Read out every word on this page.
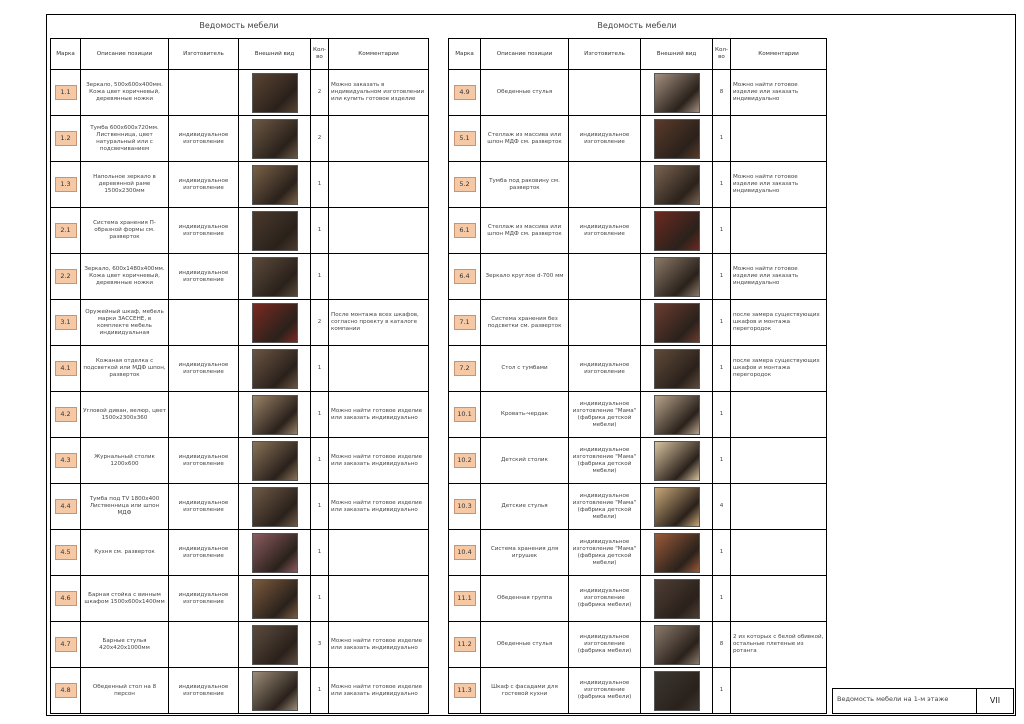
Ведомость мебели
Марка	Описание позиции	Изготовитель	Внешний вид	Кол-во	Комментарии
1.1	Зеркало, 500х600х400мм. Кожа цвет коричневый, деревянные ножки			2	Можно заказать в индивидуальном изготовлении или купить готовое изделие
1.2	Тумба 600х600х720мм. Лиственница, цвет натуральный или с подсвечиванием	индивидуальное изготовление		2	
1.3	Напольное зеркало в деревянной раме 1500х2300мм	индивидуальное изготовление		1	
2.1	Система хранения П-образной формы см. разверток	индивидуальное изготовление		1	
2.2	Зеркало, 600х1480х400мм. Кожа цвет коричневый, деревянные ножки	индивидуальное изготовление		1	
3.1	Оружейный шкаф, мебель марки ЗАССЕНЕ, в комплекте мебель индивидуальная			2	После монтажа всех шкафов, согласно проекту в каталоге компании
4.1	Кожаная отделка с подсветкой или МДФ шпон, разверток	индивидуальное изготовление		1	
4.2	Угловой диван, велюр, цвет 1500х2300х360			1	Можно найти готовое изделие или заказать индивидуально
4.3	Журнальный столик 1200х600	индивидуальное изготовление		1	Можно найти готовое изделие или заказать индивидуально
4.4	Тумба под TV 1800х400 Лиственница или шпон МДФ	индивидуальное изготовление		1	Можно найти готовое изделие или заказать индивидуально
4.5	Кухня см. разверток	индивидуальное изготовление		1	
4.6	Барная стойка с винным шкафом 1500х600х1400мм	индивидуальное изготовление		1	
4.7	Барные стулья 420х420х1000мм			3	Можно найти готовое изделие или заказать индивидуально
4.8	Обеденный стол на 8 персон	индивидуальное изготовление		1	Можно найти готовое изделие или заказать индивидуально
Ведомость мебели
Марка	Описание позиции	Изготовитель	Внешний вид	Кол-во	Комментарии
4.9	Обеденные стулья			8	Можно найти готовое изделие или заказать индивидуально
5.1	Стеллаж из массива или шпон МДФ см. разверток	индивидуальное изготовление		1	
5.2	Тумба под раковину см. разверток			1	Можно найти готовое изделие или заказать индивидуально
6.1	Стеллаж из массива или шпон МДФ см. разверток	индивидуальное изготовление		1	
6.4	Зеркало круглое d-700 мм			1	Можно найти готовое изделие или заказать индивидуально
7.1	Система хранения без подсветки см. разверток			1	после замера существующих шкафов и монтажа перегородок
7.2	Стол с тумбами	индивидуальное изготовление		1	после замера существующих шкафов и монтажа перегородок
10.1	Кровать-чердак	индивидуальное изготовление "Мама" (фабрика детской мебели)		1	
10.2	Детский столик	индивидуальное изготовление "Мама" (фабрика детской мебели)		1	
10.3	Детские стулья	индивидуальное изготовление "Мама" (фабрика детской мебели)		4	
10.4	Система хранения для игрушек	индивидуальное изготовление "Мама" (фабрика детской мебели)		1	
11.1	Обеденная группа	индивидуальное изготовление (фабрика мебели)		1	
11.2	Обеденные стулья	индивидуальное изготовление (фабрика мебели)		8	2 из которых с белой обивкой, остальные плетеные из ротанга
11.3	Шкаф с фасадами для гостевой кухни	индивидуальное изготовление (фабрика мебели)		1	
Ведомость мебели на 1-м этаже	VII
